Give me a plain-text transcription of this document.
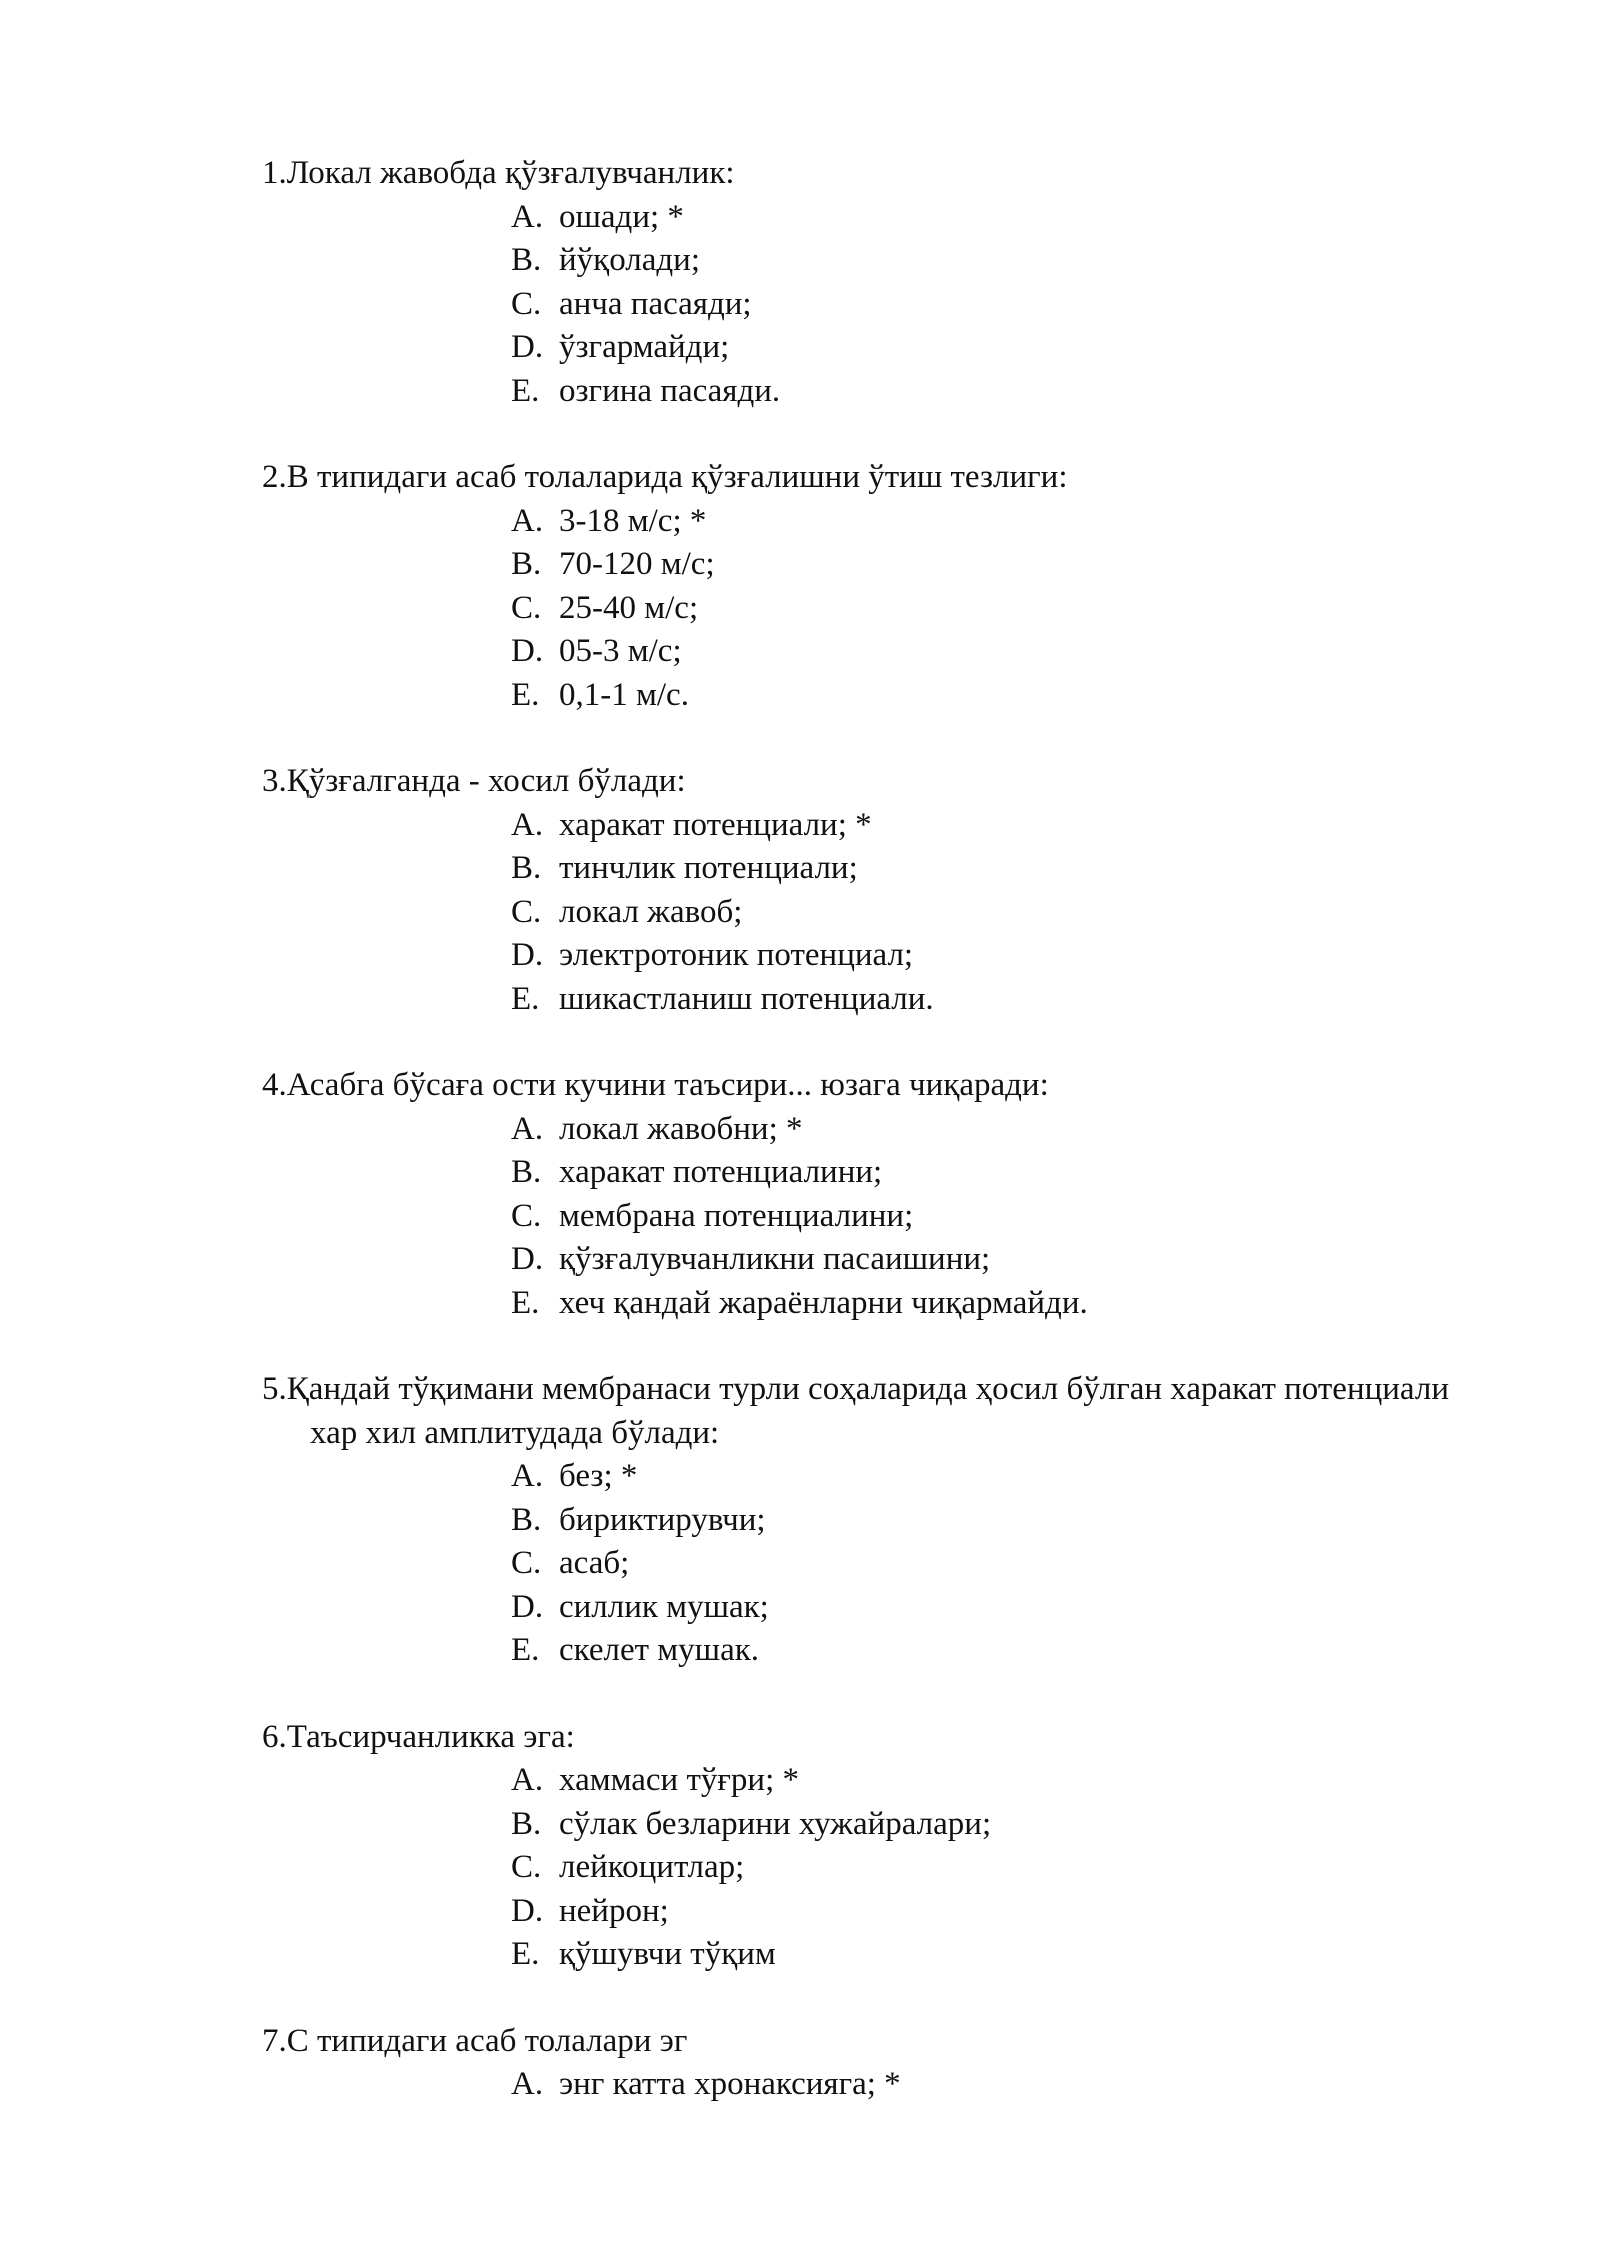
1.Локал жавобда қўзғалувчанлик:
A. ошади; *
B. йўқолади;
C. анча пасаяди;
D. ўзгармайди;
E. озгина пасаяди.
2.В типидаги асаб толаларида қўзғалишни ўтиш тезлиги:
A. 3-18 м/с; *
B. 70-120 м/с;
C. 25-40 м/с;
D. 05-3 м/с;
E. 0,1-1 м/с.
3.Қўзғалганда - хосил бўлади:
A. харакат потенциали; *
B. тинчлик потенциали;
C. локал жавоб;
D. электротоник потенциал;
E. шикастланиш потенциали.
4.Асабга бўсаға ости кучини таъсири... юзага чиқаради:
A. локал жавобни; *
B. харакат потенциалини;
C. мембрана потенциалини;
D. қўзғалувчанликни пасаишини;
E. хеч қандай жараёнларни чиқармайди.
5.Қандай тўқимани мембранаси турли соҳаларида ҳосил бўлган харакат потенциали хар хил амплитудада бўлади:
A. без; *
B. бириктирувчи;
C. асаб;
D. силлик мушак;
E. скелет мушак.
6.Таъсирчанликка эга:
A. хаммаси тўғри; *
B. сўлак безларини хужайралари;
C. лейкоцитлар;
D. нейрон;
E. қўшувчи тўқим
7.С типидаги асаб толалари эг
A. энг катта хронаксияга; *
